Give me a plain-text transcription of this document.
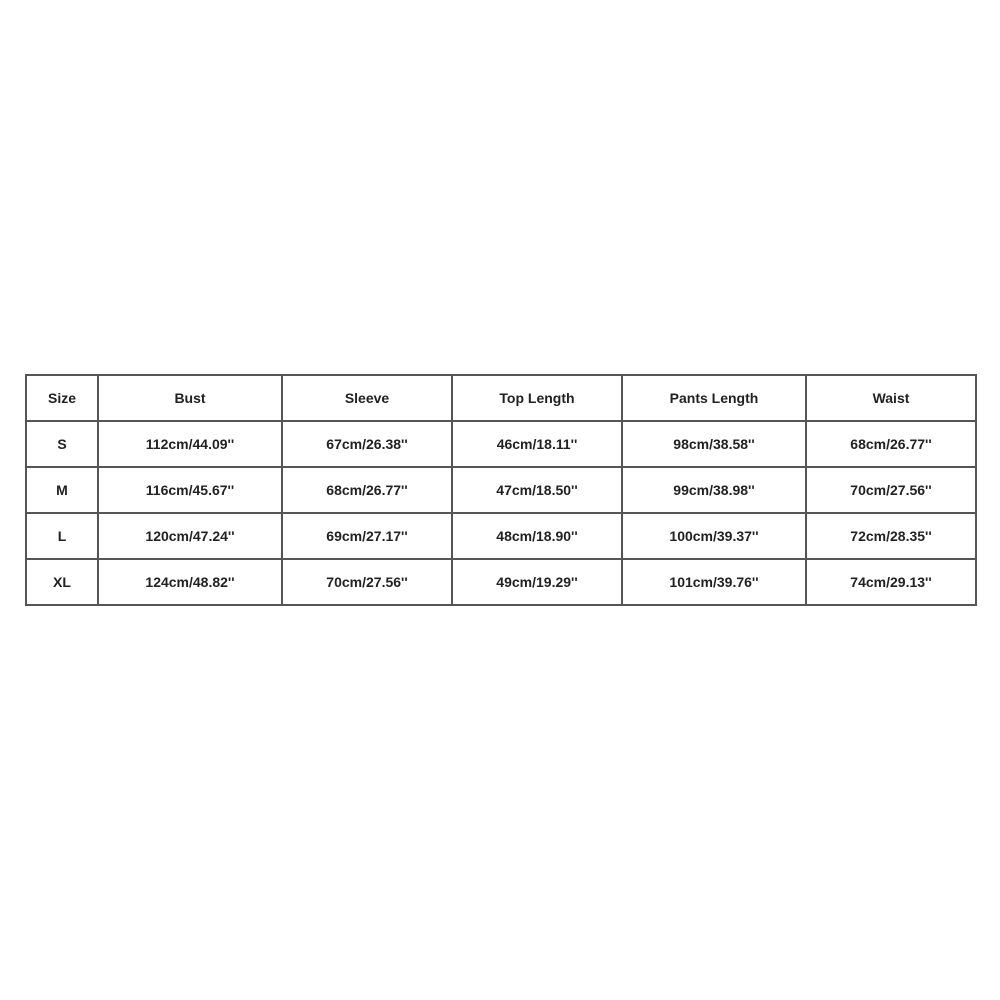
Size	Bust	Sleeve	Top Length	Pants Length	Waist
S	112cm/44.09''	67cm/26.38''	46cm/18.11''	98cm/38.58''	68cm/26.77''
M	116cm/45.67''	68cm/26.77''	47cm/18.50''	99cm/38.98''	70cm/27.56''
L	120cm/47.24''	69cm/27.17''	48cm/18.90''	100cm/39.37''	72cm/28.35''
XL	124cm/48.82''	70cm/27.56''	49cm/19.29''	101cm/39.76''	74cm/29.13''
